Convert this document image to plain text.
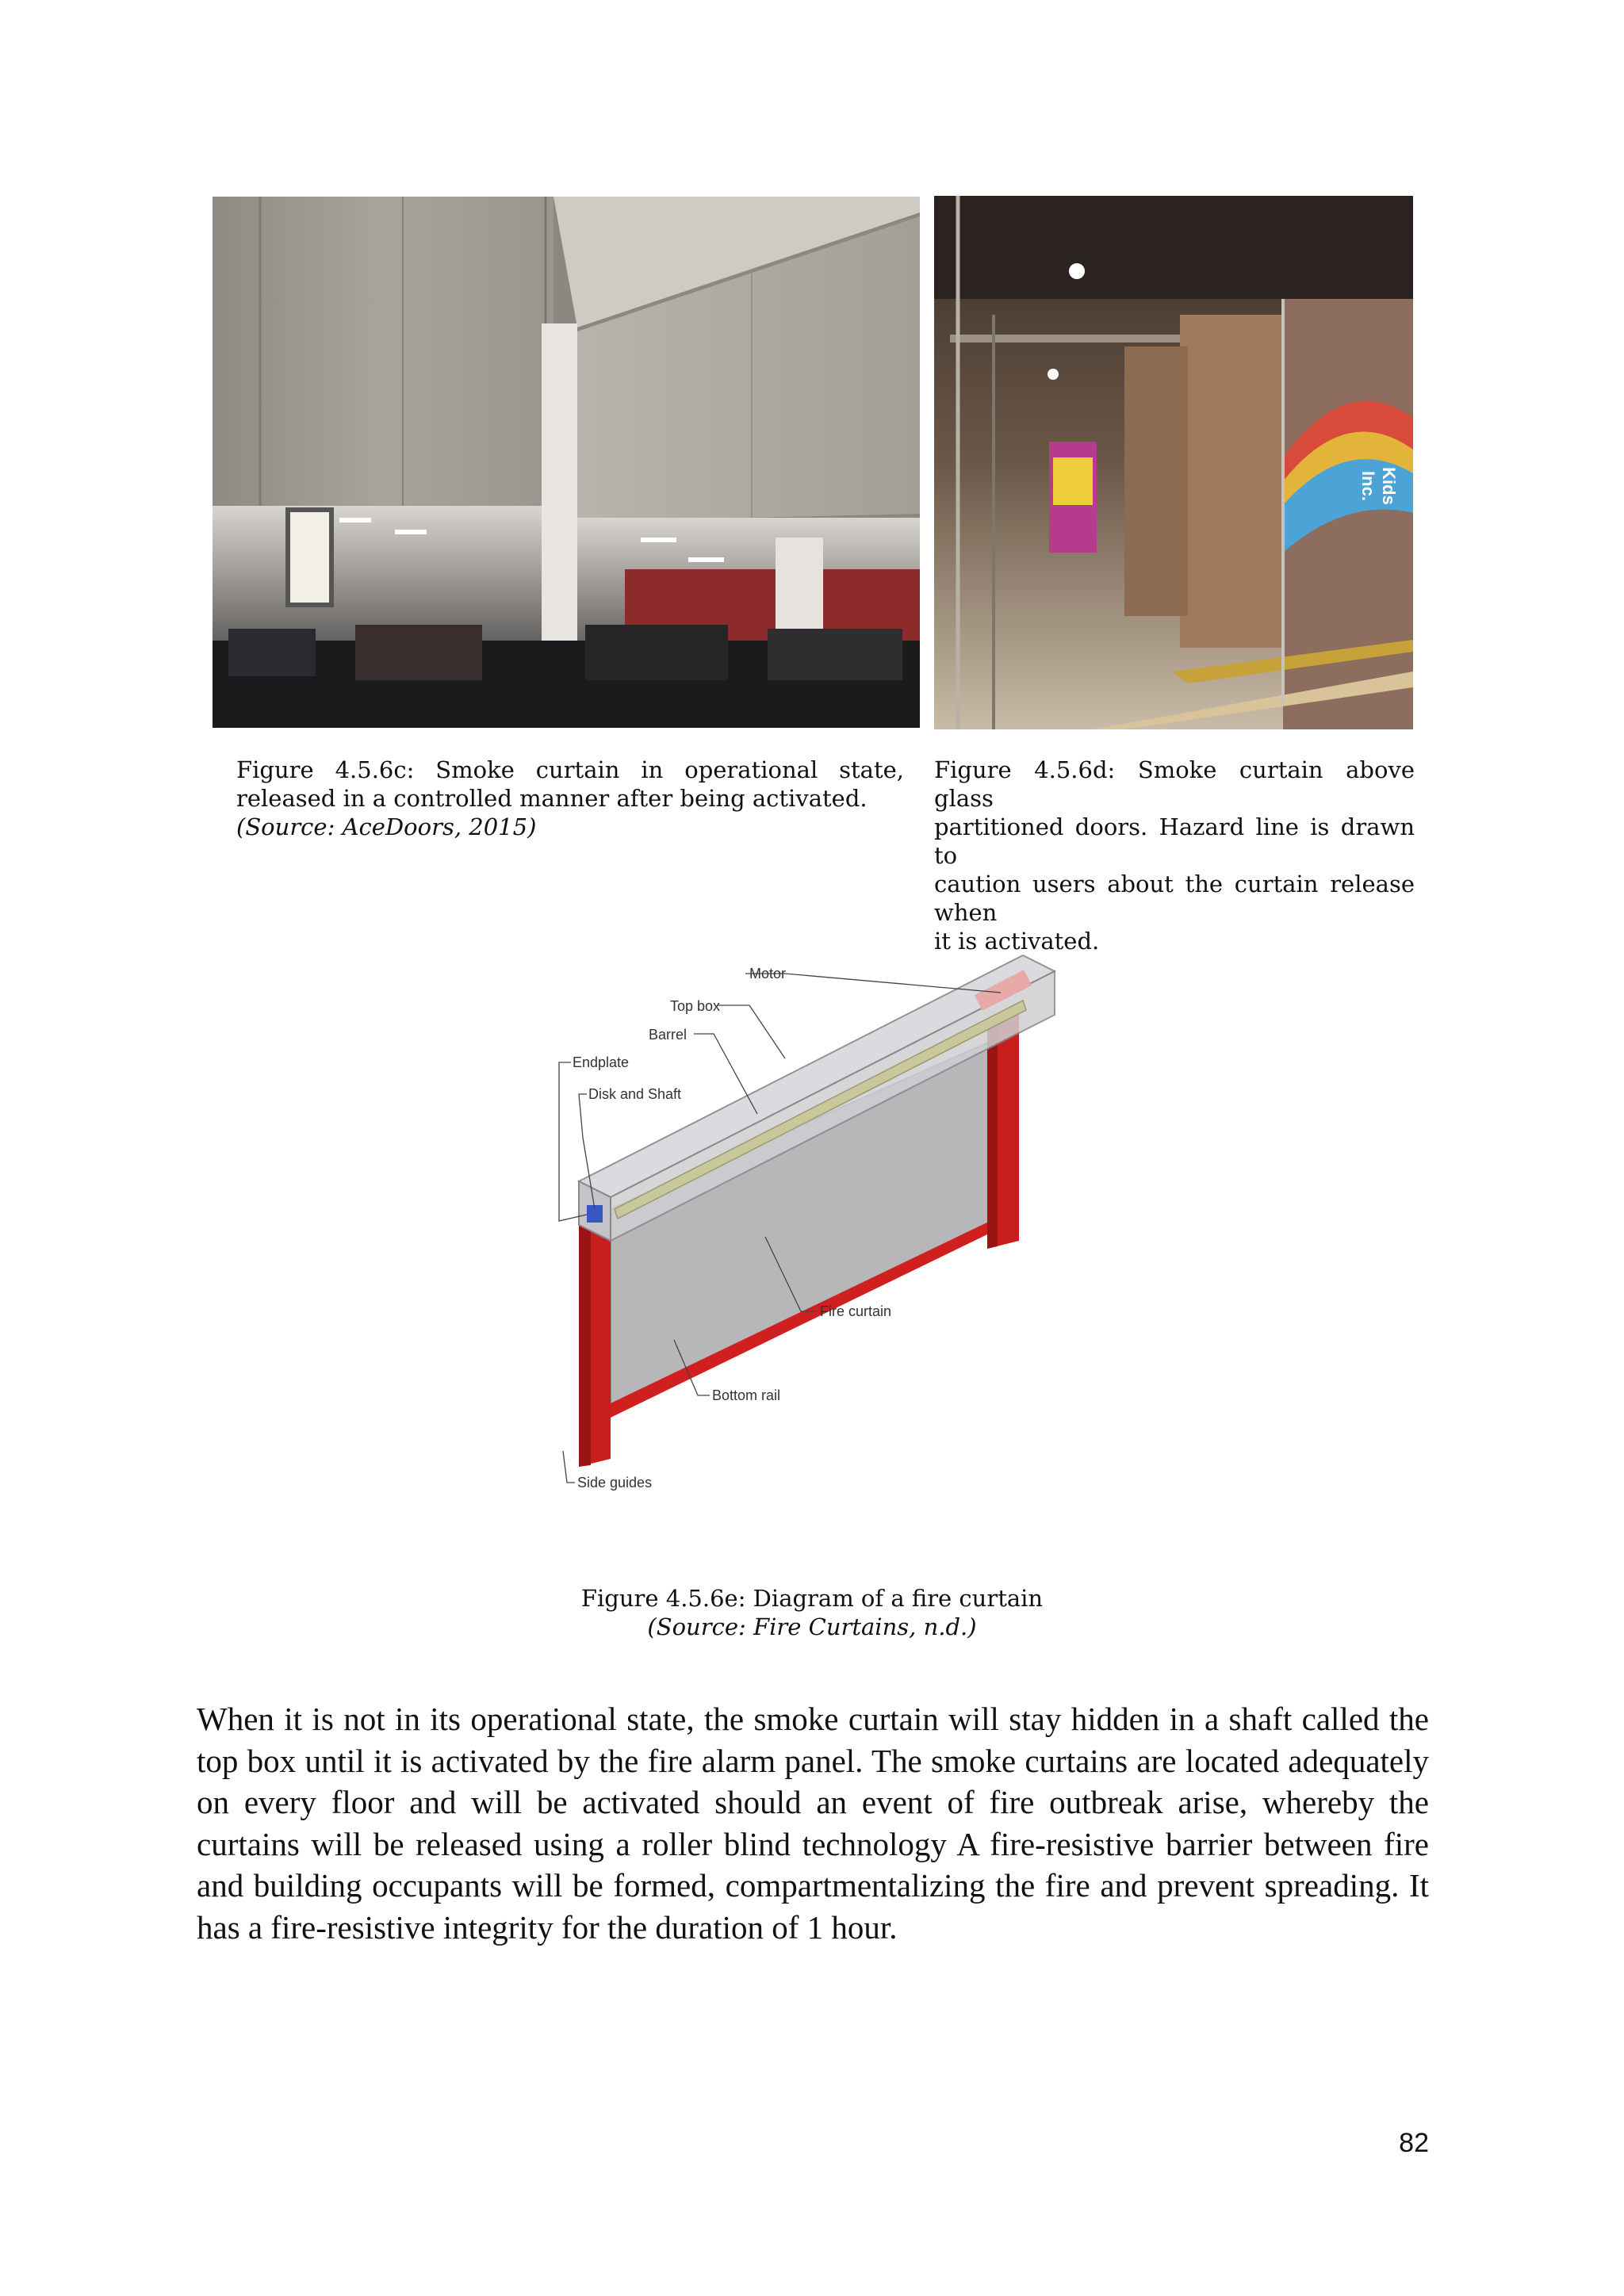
Kids Inc.
Figure 4.5.6c: Smoke curtain in operational state, released in a controlled manner after being activated.
(Source: AceDoors, 2015)
Figure 4.5.6d: Smoke curtain above glass
partitioned doors. Hazard line is drawn to
caution users about the curtain release when
it is activated.
Motor
Top box
Barrel
Endplate
Disk and Shaft
Fire curtain
Bottom rail
Side guides
Figure 4.5.6e: Diagram of a fire curtain
(Source: Fire Curtains, n.d.)

When it is not in its operational state, the smoke curtain will stay hidden in a shaft called the top box until it is activated by the fire alarm panel. The smoke curtains are located adequately on every floor and will be activated should an event of fire outbreak arise, whereby the curtains will be released using a roller blind technology A fire-resistive barrier between fire and building occupants will be formed, compartmentalizing the fire and prevent spreading. It has a fire-resistive integrity for the duration of 1 hour.

82
